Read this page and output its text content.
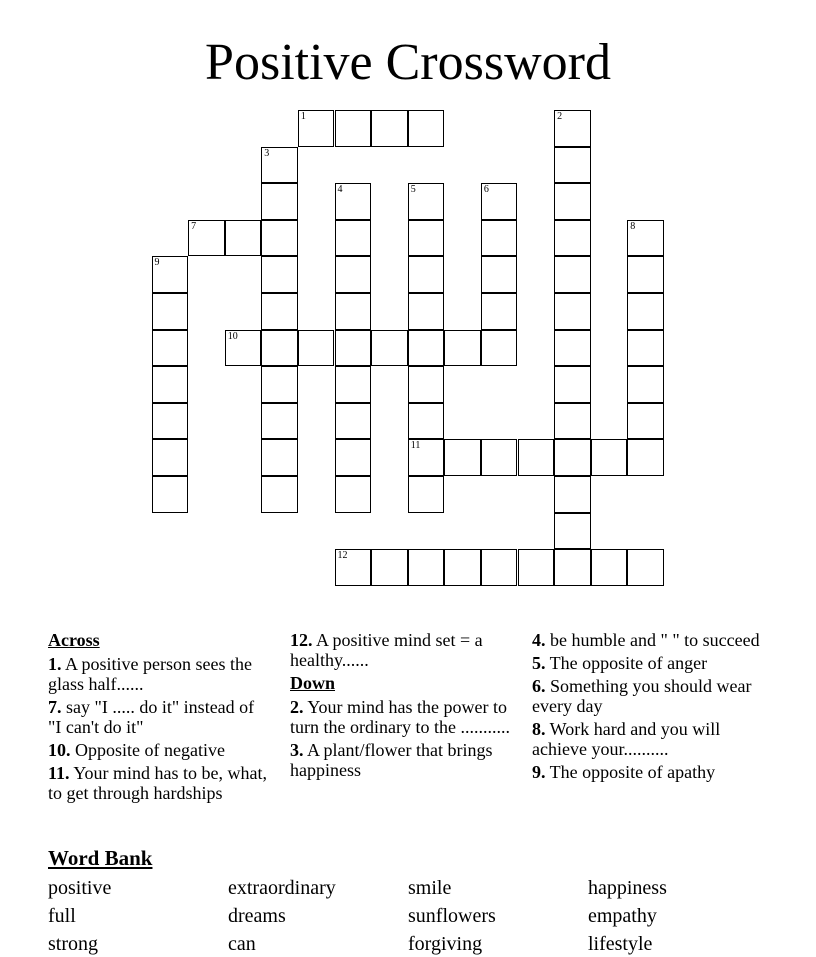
Positive Crossword
1	2
3
4	5
11
6
7	8
9
10
12
Across
1. A positive person sees the glass half......
7. say "I ..... do it" instead of "I can't do it"
10. Opposite of negative
11. Your mind has to be, what, to get through hardships
12. A positive mind set = a healthy......
Down
2. Your mind has the power to turn the ordinary to the ...........
3. A plant/flower that brings happiness
4. be humble and " " to succeed
5. The opposite of anger
6. Something you should wear every day
8. Work hard and you will achieve your..........
9. The opposite of apathy
Word Bank
positive	extraordinary	smile	happiness
full	dreams	sunflowers	empathy
strong	can	forgiving	lifestyle
